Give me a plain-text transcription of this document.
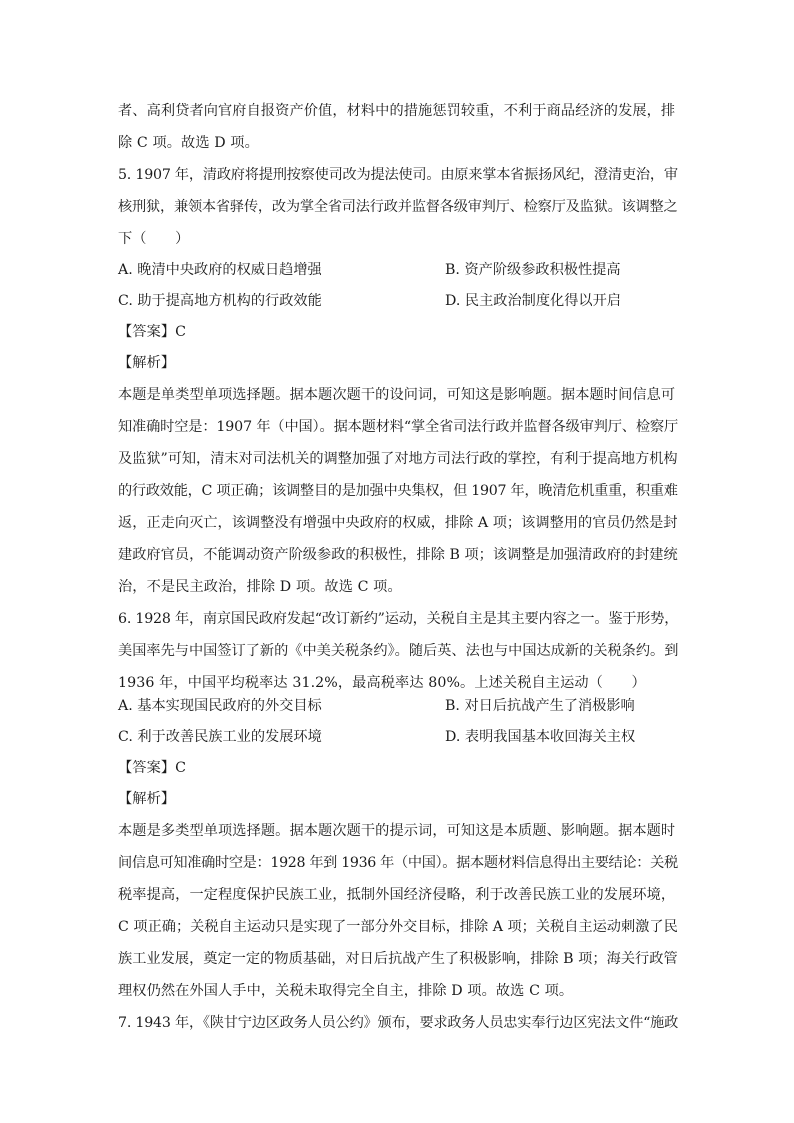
者、高利贷者向官府自报资产价值，材料中的措施惩罚较重，不利于商品经济的发展，排
除 C 项。故选 D 项。
5. 1907 年，清政府将提刑按察使司改为提法使司。由原来掌本省振扬风纪，澄清吏治，审
核刑狱，兼领本省驿传，改为掌全省司法行政并监督各级审判厅、检察厅及监狱。该调整之
下（　　）
A. 晚清中央政府的权威日趋增强	B. 资产阶级参政积极性提高
C. 助于提高地方机构的行政效能	D. 民主政治制度化得以开启
【答案】C
【解析】
本题是单类型单项选择题。据本题次题干的设问词，可知这是影响题。据本题时间信息可
知准确时空是：1907 年（中国）。据本题材料“掌全省司法行政并监督各级审判厅、检察厅
及监狱”可知，清末对司法机关的调整加强了对地方司法行政的掌控，有利于提高地方机构
的行政效能，C 项正确；该调整目的是加强中央集权，但 1907 年，晚清危机重重，积重难
返，正走向灭亡，该调整没有增强中央政府的权威，排除 A 项；该调整用的官员仍然是封
建政府官员，不能调动资产阶级参政的积极性，排除 B 项；该调整是加强清政府的封建统
治，不是民主政治，排除 D 项。故选 C 项。
6. 1928 年，南京国民政府发起“改订新约”运动，关税自主是其主要内容之一。鉴于形势，
美国率先与中国签订了新的《中美关税条约》。随后英、法也与中国达成新的关税条约。到
1936 年，中国平均税率达 31.2%，最高税率达 80%。上述关税自主运动（　　）
A. 基本实现国民政府的外交目标	B. 对日后抗战产生了消极影响
C. 利于改善民族工业的发展环境	D. 表明我国基本收回海关主权
【答案】C
【解析】
本题是多类型单项选择题。据本题次题干的提示词，可知这是本质题、影响题。据本题时
间信息可知准确时空是：1928 年到 1936 年（中国）。据本题材料信息得出主要结论：关税
税率提高，一定程度保护民族工业，抵制外国经济侵略，利于改善民族工业的发展环境，
C 项正确；关税自主运动只是实现了一部分外交目标，排除 A 项；关税自主运动刺激了民
族工业发展，奠定一定的物质基础，对日后抗战产生了积极影响，排除 B 项；海关行政管
理权仍然在外国人手中，关税未取得完全自主，排除 D 项。故选 C 项。
7. 1943 年，《陕甘宁边区政务人员公约》颁布，要求政务人员忠实奉行边区宪法文件“施政
